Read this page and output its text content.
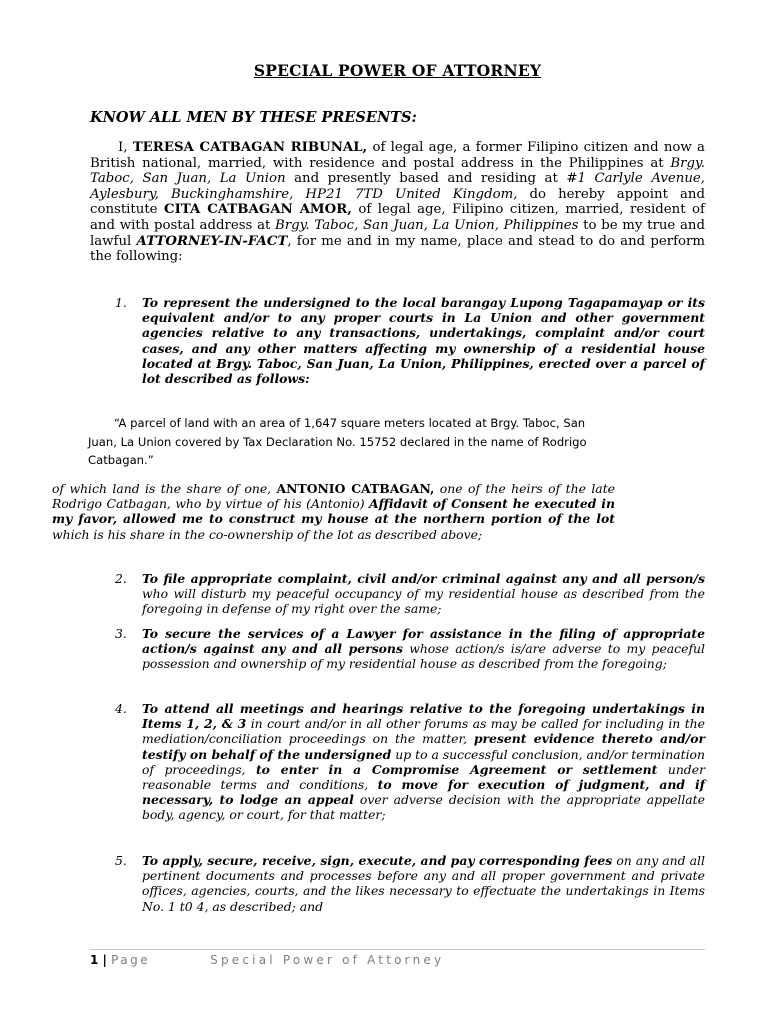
SPECIAL POWER OF ATTORNEY
KNOW ALL MEN BY THESE PRESENTS:

I, TERESA CATBAGAN RIBUNAL, of legal age, a former Filipino citizen and now a British national, married, with residence and postal address in the Philippines at Brgy. Taboc, San Juan, La Union and presently based and residing at #1 Carlyle Avenue, Aylesbury, Buckinghamshire, HP21 7TD United Kingdom, do hereby appoint and constitute CITA CATBAGAN AMOR, of legal age, Filipino citizen, married, resident of and with postal address at Brgy. Taboc, San Juan, La Union, Philippines to be my true and lawful ATTORNEY-IN-FACT, for me and in my name, place and stead to do and perform the following:

1. To represent the undersigned to the local barangay Lupong Tagapamayap or its equivalent and/or to any proper courts in La Union and other government agencies relative to any transactions, undertakings, complaint and/or court cases, and any other matters affecting my ownership of a residential house located at Brgy. Taboc, San Juan, La Union, Philippines, erected over a parcel of lot described as follows:
“A parcel of land with an area of 1,647 square meters located at Brgy. Taboc, San Juan, La Union covered by Tax Declaration No. 15752 declared in the name of Rodrigo Catbagan.”
of which land is the share of one, ANTONIO CATBAGAN, one of the heirs of the late Rodrigo Catbagan, who by virtue of his (Antonio) Affidavit of Consent he executed in my favor, allowed me to construct my house at the northern portion of the lot which is his share in the co-ownership of the lot as described above;
2. To file appropriate complaint, civil and/or criminal against any and all person/s who will disturb my peaceful occupancy of my residential house as described from the foregoing in defense of my right over the same;
3. To secure the services of a Lawyer for assistance in the filing of appropriate action/s against any and all persons whose action/s is/are adverse to my peaceful possession and ownership of my residential house as described from the foregoing;
4. To attend all meetings and hearings relative to the foregoing undertakings in Items 1, 2, & 3 in court and/or in all other forums as may be called for including in the mediation/conciliation proceedings on the matter, present evidence thereto and/or testify on behalf of the undersigned up to a successful conclusion, and/or termination of proceedings, to enter in a Compromise Agreement or settlement under reasonable terms and conditions, to move for execution of judgment, and if necessary, to lodge an appeal over adverse decision with the appropriate appellate body, agency, or court, for that matter;
5. To apply, secure, receive, sign, execute, and pay corresponding fees on any and all pertinent documents and processes before any and all proper government and private offices, agencies, courts, and the likes necessary to effectuate the undertakings in Items No. 1 t0 4, as described; and
1 | Page	Special Power of Attorney
